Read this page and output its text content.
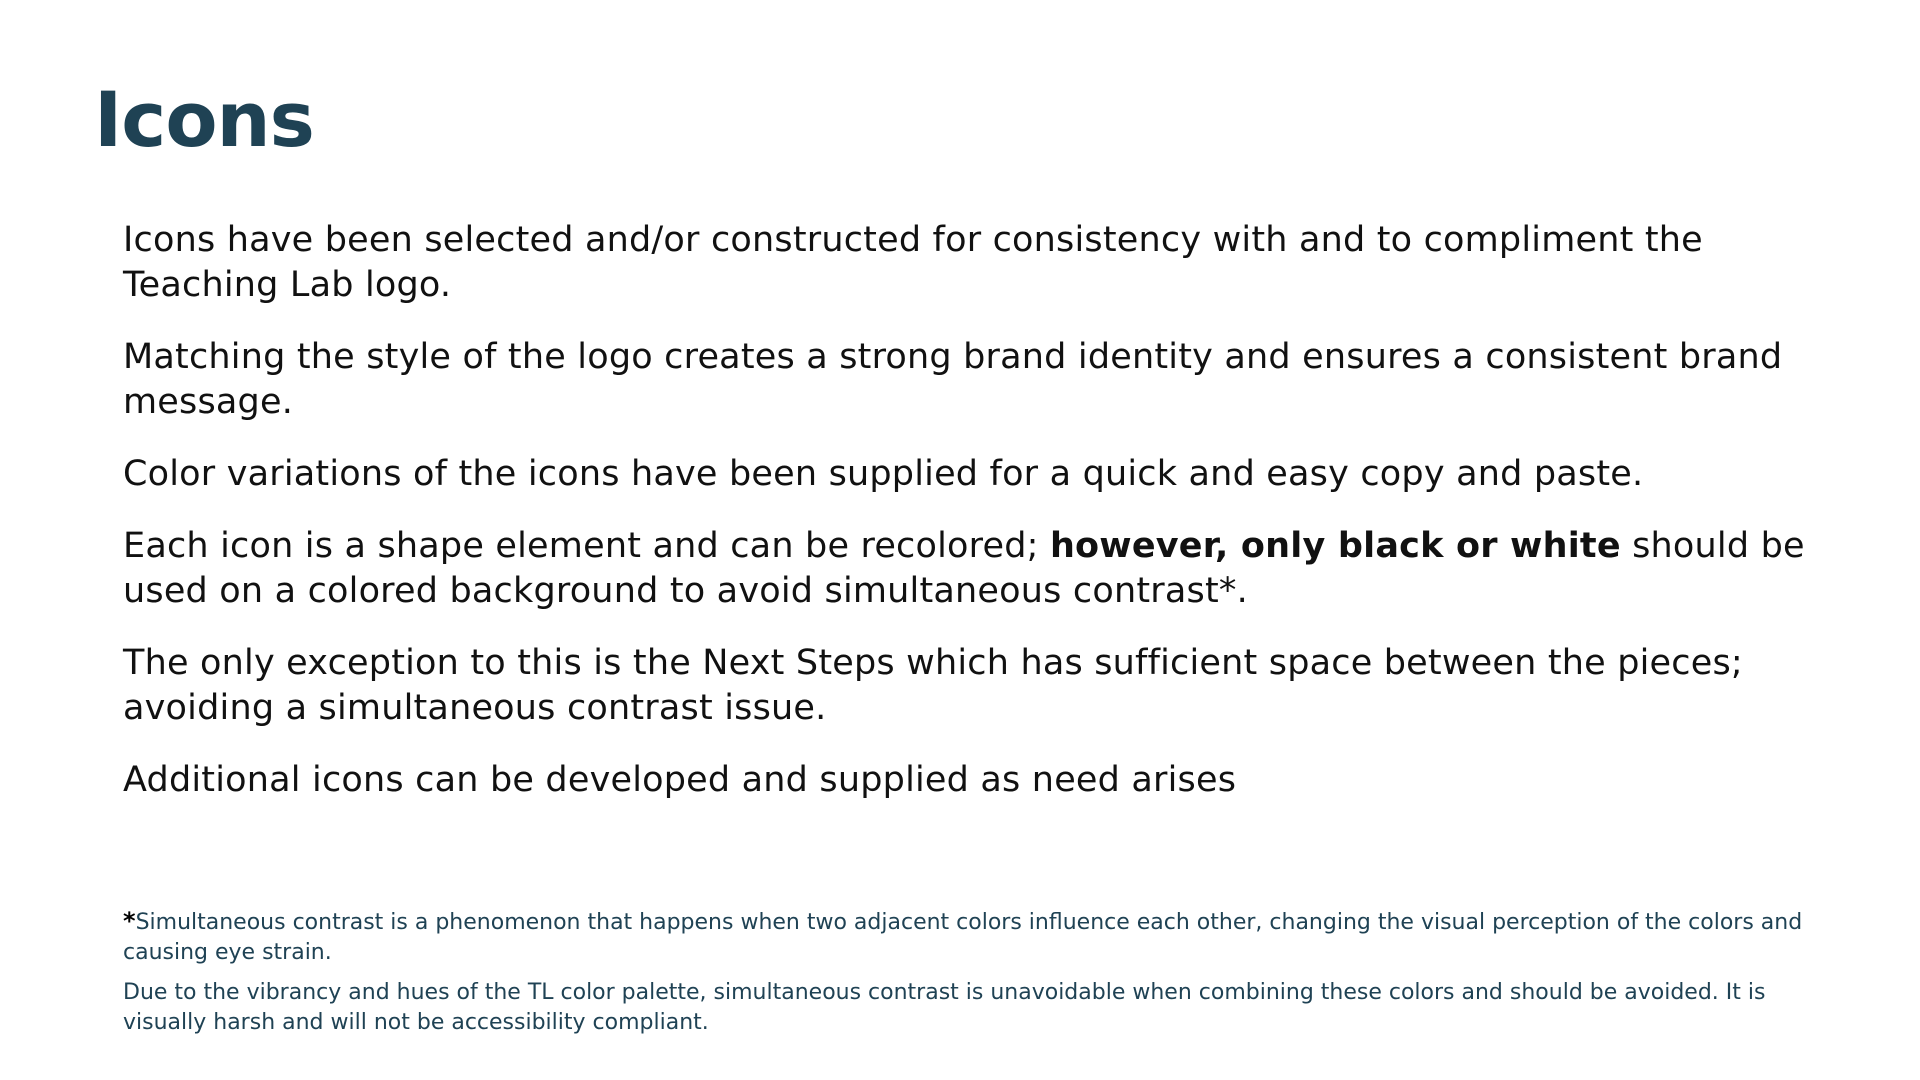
Icons

Icons have been selected and/or constructed for consistency with and to compliment the Teaching Lab logo.

Matching the style of the logo creates a strong brand identity and ensures a consistent brand message.

Color variations of the icons have been supplied for a quick and easy copy and paste.

Each icon is a shape element and can be recolored; however, only black or white should be used on a colored background to avoid simultaneous contrast*.

The only exception to this is the Next Steps which has sufficient space between the pieces; avoiding a simultaneous contrast issue.

Additional icons can be developed and supplied as need arises

*Simultaneous contrast is a phenomenon that happens when two adjacent colors influence each other, changing the visual perception of the colors and causing eye strain.

Due to the vibrancy and hues of the TL color palette, simultaneous contrast is unavoidable when combining these colors and should be avoided. It is visually harsh and will not be accessibility compliant.
